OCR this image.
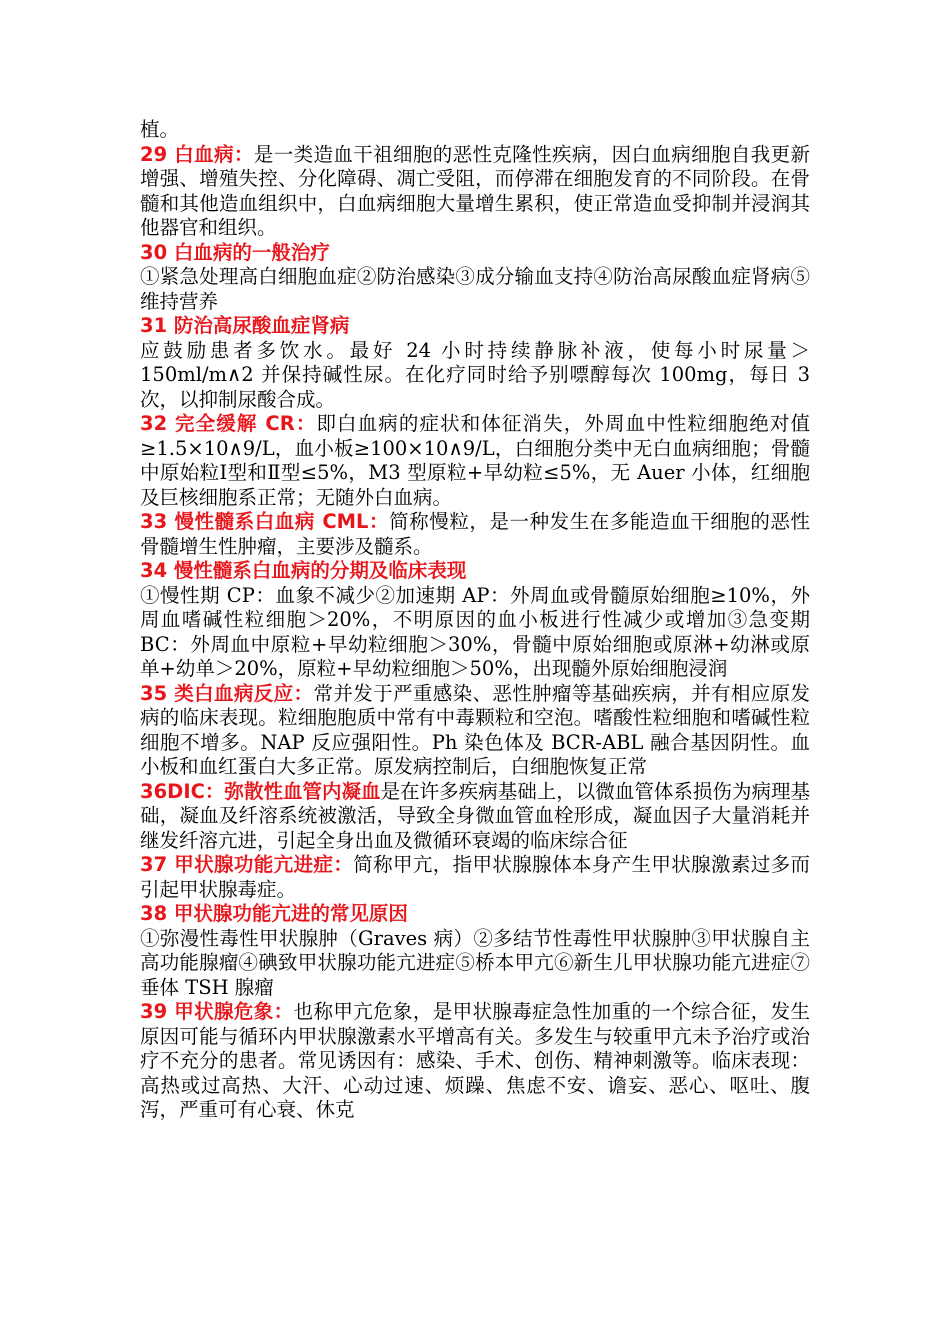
植。

29 白血病：是一类造血干祖细胞的恶性克隆性疾病，因白血病细胞自我更新增强、增殖失控、分化障碍、凋亡受阻，而停滞在细胞发育的不同阶段。在骨髓和其他造血组织中，白血病细胞大量增生累积，使正常造血受抑制并浸润其他器官和组织。

30 白血病的一般治疗
①紧急处理高白细胞血症②防治感染③成分输血支持④防治高尿酸血症肾病⑤维持营养

31 防治高尿酸血症肾病
应鼓励患者多饮水。最好 24 小时持续静脉补液，使每小时尿量＞150ml/m∧2 并保持碱性尿。在化疗同时给予别嘌醇每次 100mg，每日 3 次，以抑制尿酸合成。

32 完全缓解 CR：即白血病的症状和体征消失，外周血中性粒细胞绝对值≥1.5×10∧9/L，血小板≥100×10∧9/L，白细胞分类中无白血病细胞；骨髓中原始粒Ⅰ型和Ⅱ型≤5%，M3 型原粒+早幼粒≤5%，无 Auer 小体，红细胞及巨核细胞系正常；无随外白血病。

33 慢性髓系白血病 CML：简称慢粒，是一种发生在多能造血干细胞的恶性骨髓增生性肿瘤，主要涉及髓系。

34 慢性髓系白血病的分期及临床表现
①慢性期 CP：血象不减少②加速期 AP：外周血或骨髓原始细胞≥10%，外周血嗜碱性粒细胞＞20%，不明原因的血小板进行性减少或增加③急变期 BC：外周血中原粒+早幼粒细胞＞30%，骨髓中原始细胞或原淋+幼淋或原单+幼单＞20%，原粒+早幼粒细胞＞50%，出现髓外原始细胞浸润

35 类白血病反应：常并发于严重感染、恶性肿瘤等基础疾病，并有相应原发病的临床表现。粒细胞胞质中常有中毒颗粒和空泡。嗜酸性粒细胞和嗜碱性粒细胞不增多。NAP 反应强阳性。Ph 染色体及 BCR-ABL 融合基因阴性。血小板和血红蛋白大多正常。原发病控制后，白细胞恢复正常

36DIC：弥散性血管内凝血是在许多疾病基础上，以微血管体系损伤为病理基础，凝血及纤溶系统被激活，导致全身微血管血栓形成，凝血因子大量消耗并继发纤溶亢进，引起全身出血及微循环衰竭的临床综合征

37 甲状腺功能亢进症：简称甲亢，指甲状腺腺体本身产生甲状腺激素过多而引起甲状腺毒症。

38 甲状腺功能亢进的常见原因
①弥漫性毒性甲状腺肿（Graves 病）②多结节性毒性甲状腺肿③甲状腺自主高功能腺瘤④碘致甲状腺功能亢进症⑤桥本甲亢⑥新生儿甲状腺功能亢进症⑦垂体 TSH 腺瘤

39 甲状腺危象：也称甲亢危象，是甲状腺毒症急性加重的一个综合征，发生原因可能与循环内甲状腺激素水平增高有关。多发生与较重甲亢未予治疗或治疗不充分的患者。常见诱因有：感染、手术、创伤、精神刺激等。临床表现：高热或过高热、大汗、心动过速、烦躁、焦虑不安、谵妄、恶心、呕吐、腹泻，严重可有心衰、休克
